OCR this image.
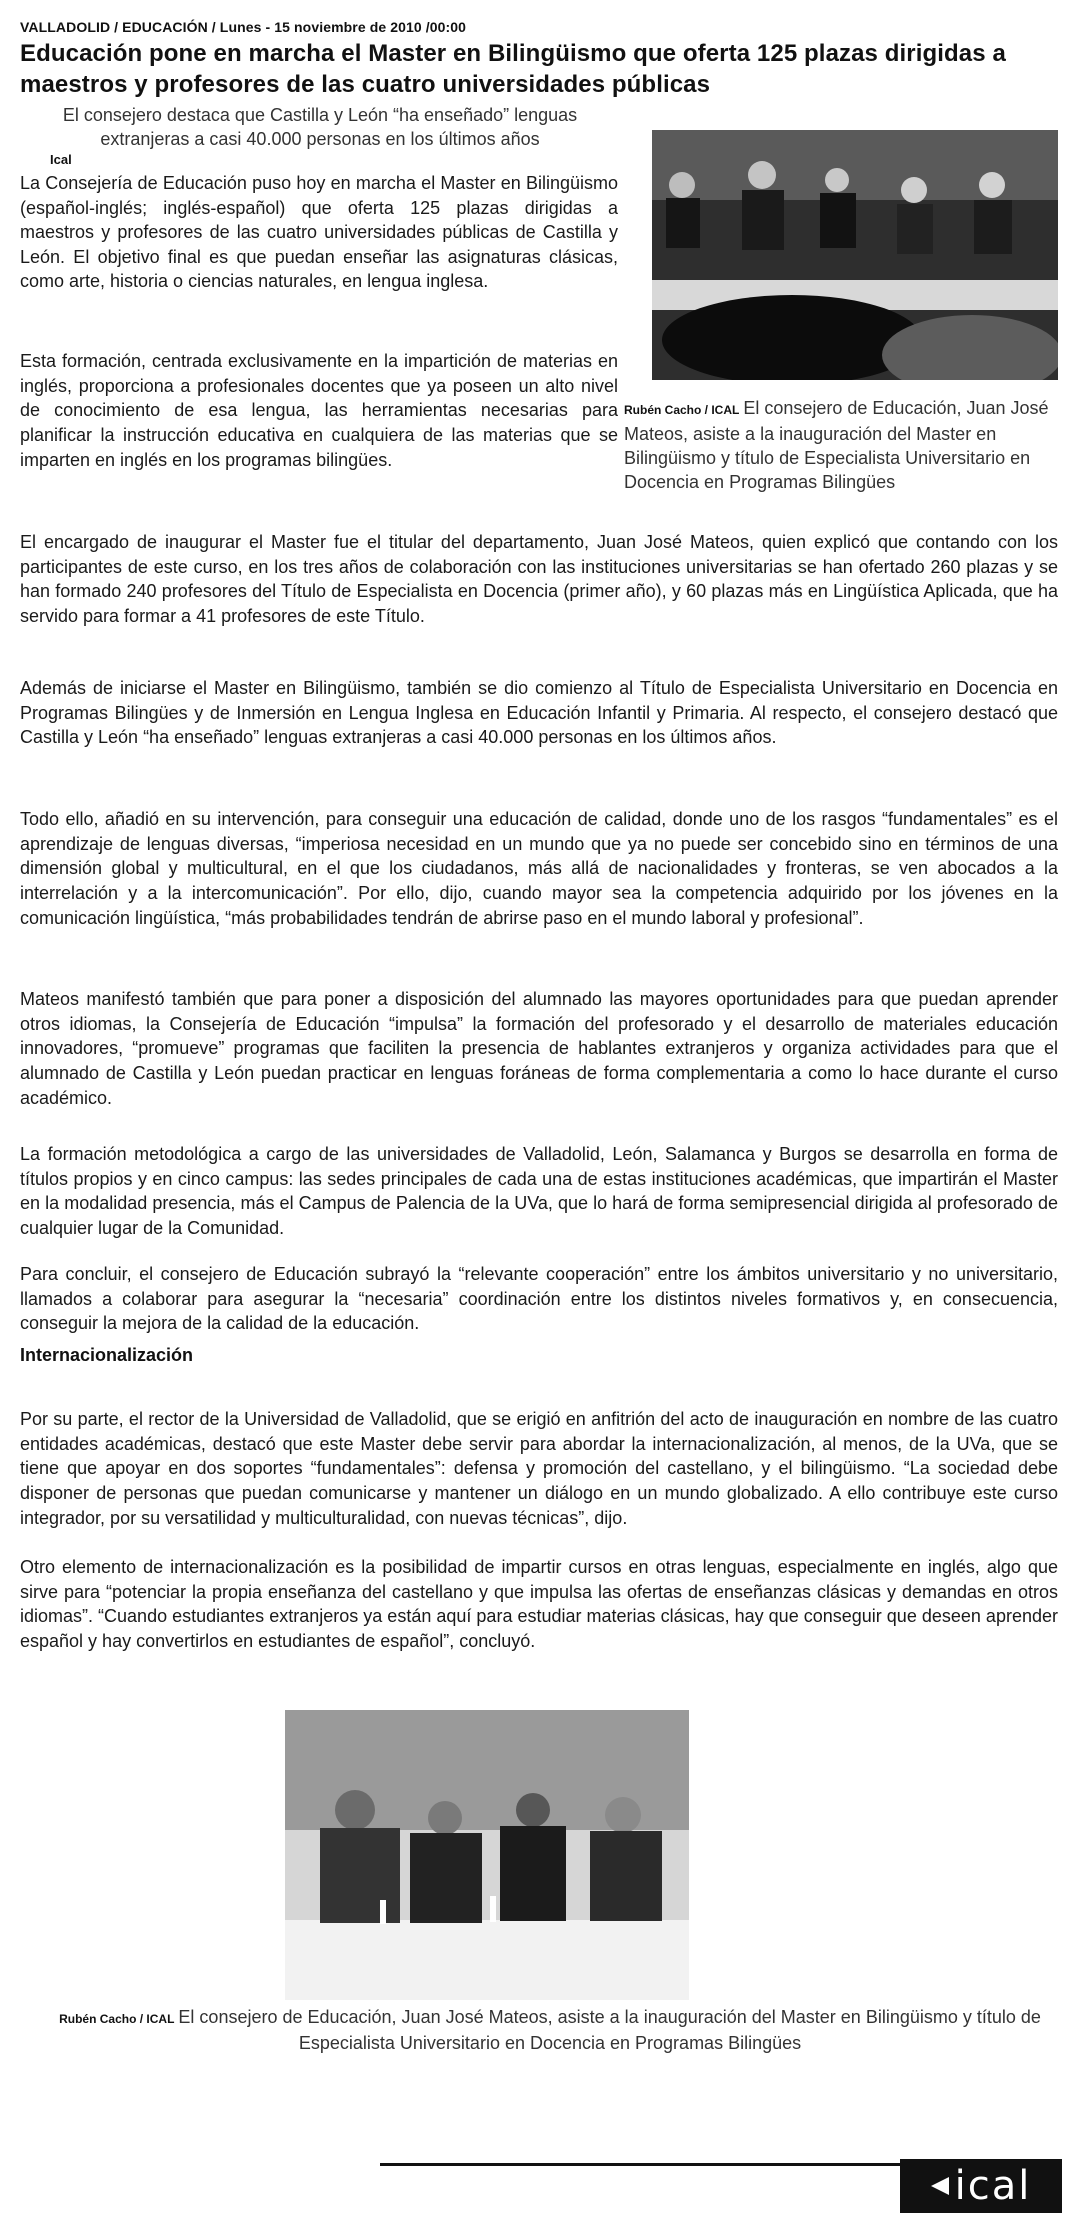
VALLADOLID / EDUCACIÓN / Lunes - 15 noviembre de 2010 /00:00
Educación pone en marcha el Master en Bilingüismo que oferta 125 plazas dirigidas a maestros y profesores de las cuatro universidades públicas
El consejero destaca que Castilla y León “ha enseñado” lenguas extranjeras a casi 40.000 personas en los últimos años
Ical
La Consejería de Educación puso hoy en marcha el Master en Bilingüismo (español-inglés; inglés-español) que oferta 125 plazas dirigidas a maestros y profesores de las cuatro universidades públicas de Castilla y León. El objetivo final es que puedan enseñar las asignaturas clásicas, como arte, historia o ciencias naturales, en lengua inglesa.
Rubén Cacho / ICAL El consejero de Educación, Juan José Mateos, asiste a la inauguración del Master en Bilingüismo y título de Especialista Universitario en Docencia en Programas Bilingües

Esta formación, centrada exclusivamente en la impartición de materias en inglés, proporciona a profesionales docentes que ya poseen un alto nivel de conocimiento de esa lengua, las herramientas necesarias para planificar la instrucción educativa en cualquiera de las materias que se imparten en inglés en los programas bilingües.

El encargado de inaugurar el Master fue el titular del departamento, Juan José Mateos, quien explicó que contando con los participantes de este curso, en los tres años de colaboración con las instituciones universitarias se han ofertado 260 plazas y se han formado 240 profesores del Título de Especialista en Docencia (primer año), y 60 plazas más en Lingüística Aplicada, que ha servido para formar a 41 profesores de este Título.

Además de iniciarse el Master en Bilingüismo, también se dio comienzo al Título de Especialista Universitario en Docencia en Programas Bilingües y de Inmersión en Lengua Inglesa en Educación Infantil y Primaria. Al respecto, el consejero destacó que Castilla y León “ha enseñado” lenguas extranjeras a casi 40.000 personas en los últimos años.

Todo ello, añadió en su intervención, para conseguir una educación de calidad, donde uno de los rasgos “fundamentales” es el aprendizaje de lenguas diversas, “imperiosa necesidad en un mundo que ya no puede ser concebido sino en términos de una dimensión global y multicultural, en el que los ciudadanos, más allá de nacionalidades y fronteras, se ven abocados a la interrelación y a la intercomunicación”. Por ello, dijo, cuando mayor sea la competencia adquirido por los jóvenes en la comunicación lingüística, “más probabilidades tendrán de abrirse paso en el mundo laboral y profesional”.

Mateos manifestó también que para poner a disposición del alumnado las mayores oportunidades para que puedan aprender otros idiomas, la Consejería de Educación “impulsa” la formación del profesorado y el desarrollo de materiales educación innovadores, “promueve” programas que faciliten la presencia de hablantes extranjeros y organiza actividades para que el alumnado de Castilla y León puedan practicar en lenguas foráneas de forma complementaria a como lo hace durante el curso académico.

La formación metodológica a cargo de las universidades de Valladolid, León, Salamanca y Burgos se desarrolla en forma de títulos propios y en cinco campus: las sedes principales de cada una de estas instituciones académicas, que impartirán el Master en la modalidad presencia, más el Campus de Palencia de la UVa, que lo hará de forma semipresencial dirigida al profesorado de cualquier lugar de la Comunidad.

Para concluir, el consejero de Educación subrayó la “relevante cooperación” entre los ámbitos universitario y no universitario, llamados a colaborar para asegurar la “necesaria” coordinación entre los distintos niveles formativos y, en consecuencia, conseguir la mejora de la calidad de la educación.

Internacionalización

Por su parte, el rector de la Universidad de Valladolid, que se erigió en anfitrión del acto de inauguración en nombre de las cuatro entidades académicas, destacó que este Master debe servir para abordar la internacionalización, al menos, de la UVa, que se tiene que apoyar en dos soportes “fundamentales”: defensa y promoción del castellano, y el bilingüismo. “La sociedad debe disponer de personas que puedan comunicarse y mantener un diálogo en un mundo globalizado. A ello contribuye este curso integrador, por su versatilidad y multiculturalidad, con nuevas técnicas”, dijo.

Otro elemento de internacionalización es la posibilidad de impartir cursos en otras lenguas, especialmente en inglés, algo que sirve para “potenciar la propia enseñanza del castellano y que impulsa las ofertas de enseñanzas clásicas y demandas en otros idiomas”. “Cuando estudiantes extranjeros ya están aquí para estudiar materias clásicas, hay que conseguir que deseen aprender español y hay convertirlos en estudiantes de español”, concluyó.

Rubén Cacho / ICAL El consejero de Educación, Juan José Mateos, asiste a la inauguración del Master en Bilingüismo y título de Especialista Universitario en Docencia en Programas Bilingües
ical
